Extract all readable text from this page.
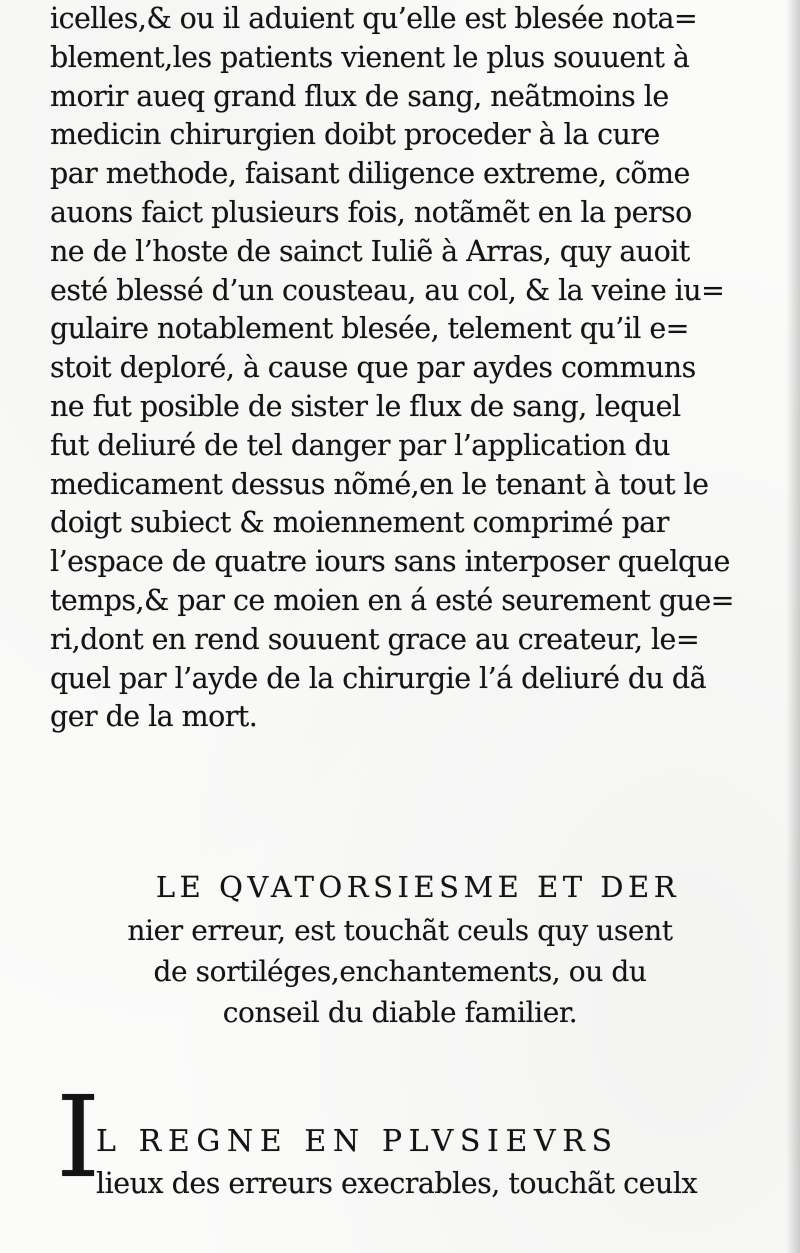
icelles,& ou il aduient qu’elle est blesée nota=
blement,les patients vienent le plus souuent à
morir aueq grand flux de sang, neãtmoins le
medicin chirurgien doibt proceder à la cure
par methode, faisant diligence extreme, cõme
auons faict plusieurs fois, notãmẽt en la perso
ne de l’hoste de sainct Iuliẽ à Arras, quy auoit
esté blessé d’un cousteau, au col, & la veine iu=
gulaire notablement blesée, telement qu’il e=
stoit deploré, à cause que par aydes communs
ne fut posible de sister le flux de sang, lequel
fut deliuré de tel danger par l’application du
medicament dessus nõmé,en le tenant à tout le
doigt subiect & moiennement comprimé par
l’espace de quatre iours sans interposer quelque
temps,& par ce moien en á esté seurement gue=
ri,dont en rend souuent grace au createur, le=
quel par l’ayde de la chirurgie l’á deliuré du dã
ger de la mort.
LE QVATORSIESME ET DER
nier erreur, est touchãt ceuls quy usent
de sortiléges,enchantements, ou du
conseil du diable familier.
I
L REGNE EN PLVSIEVRS
lieux des erreurs execrables, touchãt ceulx
